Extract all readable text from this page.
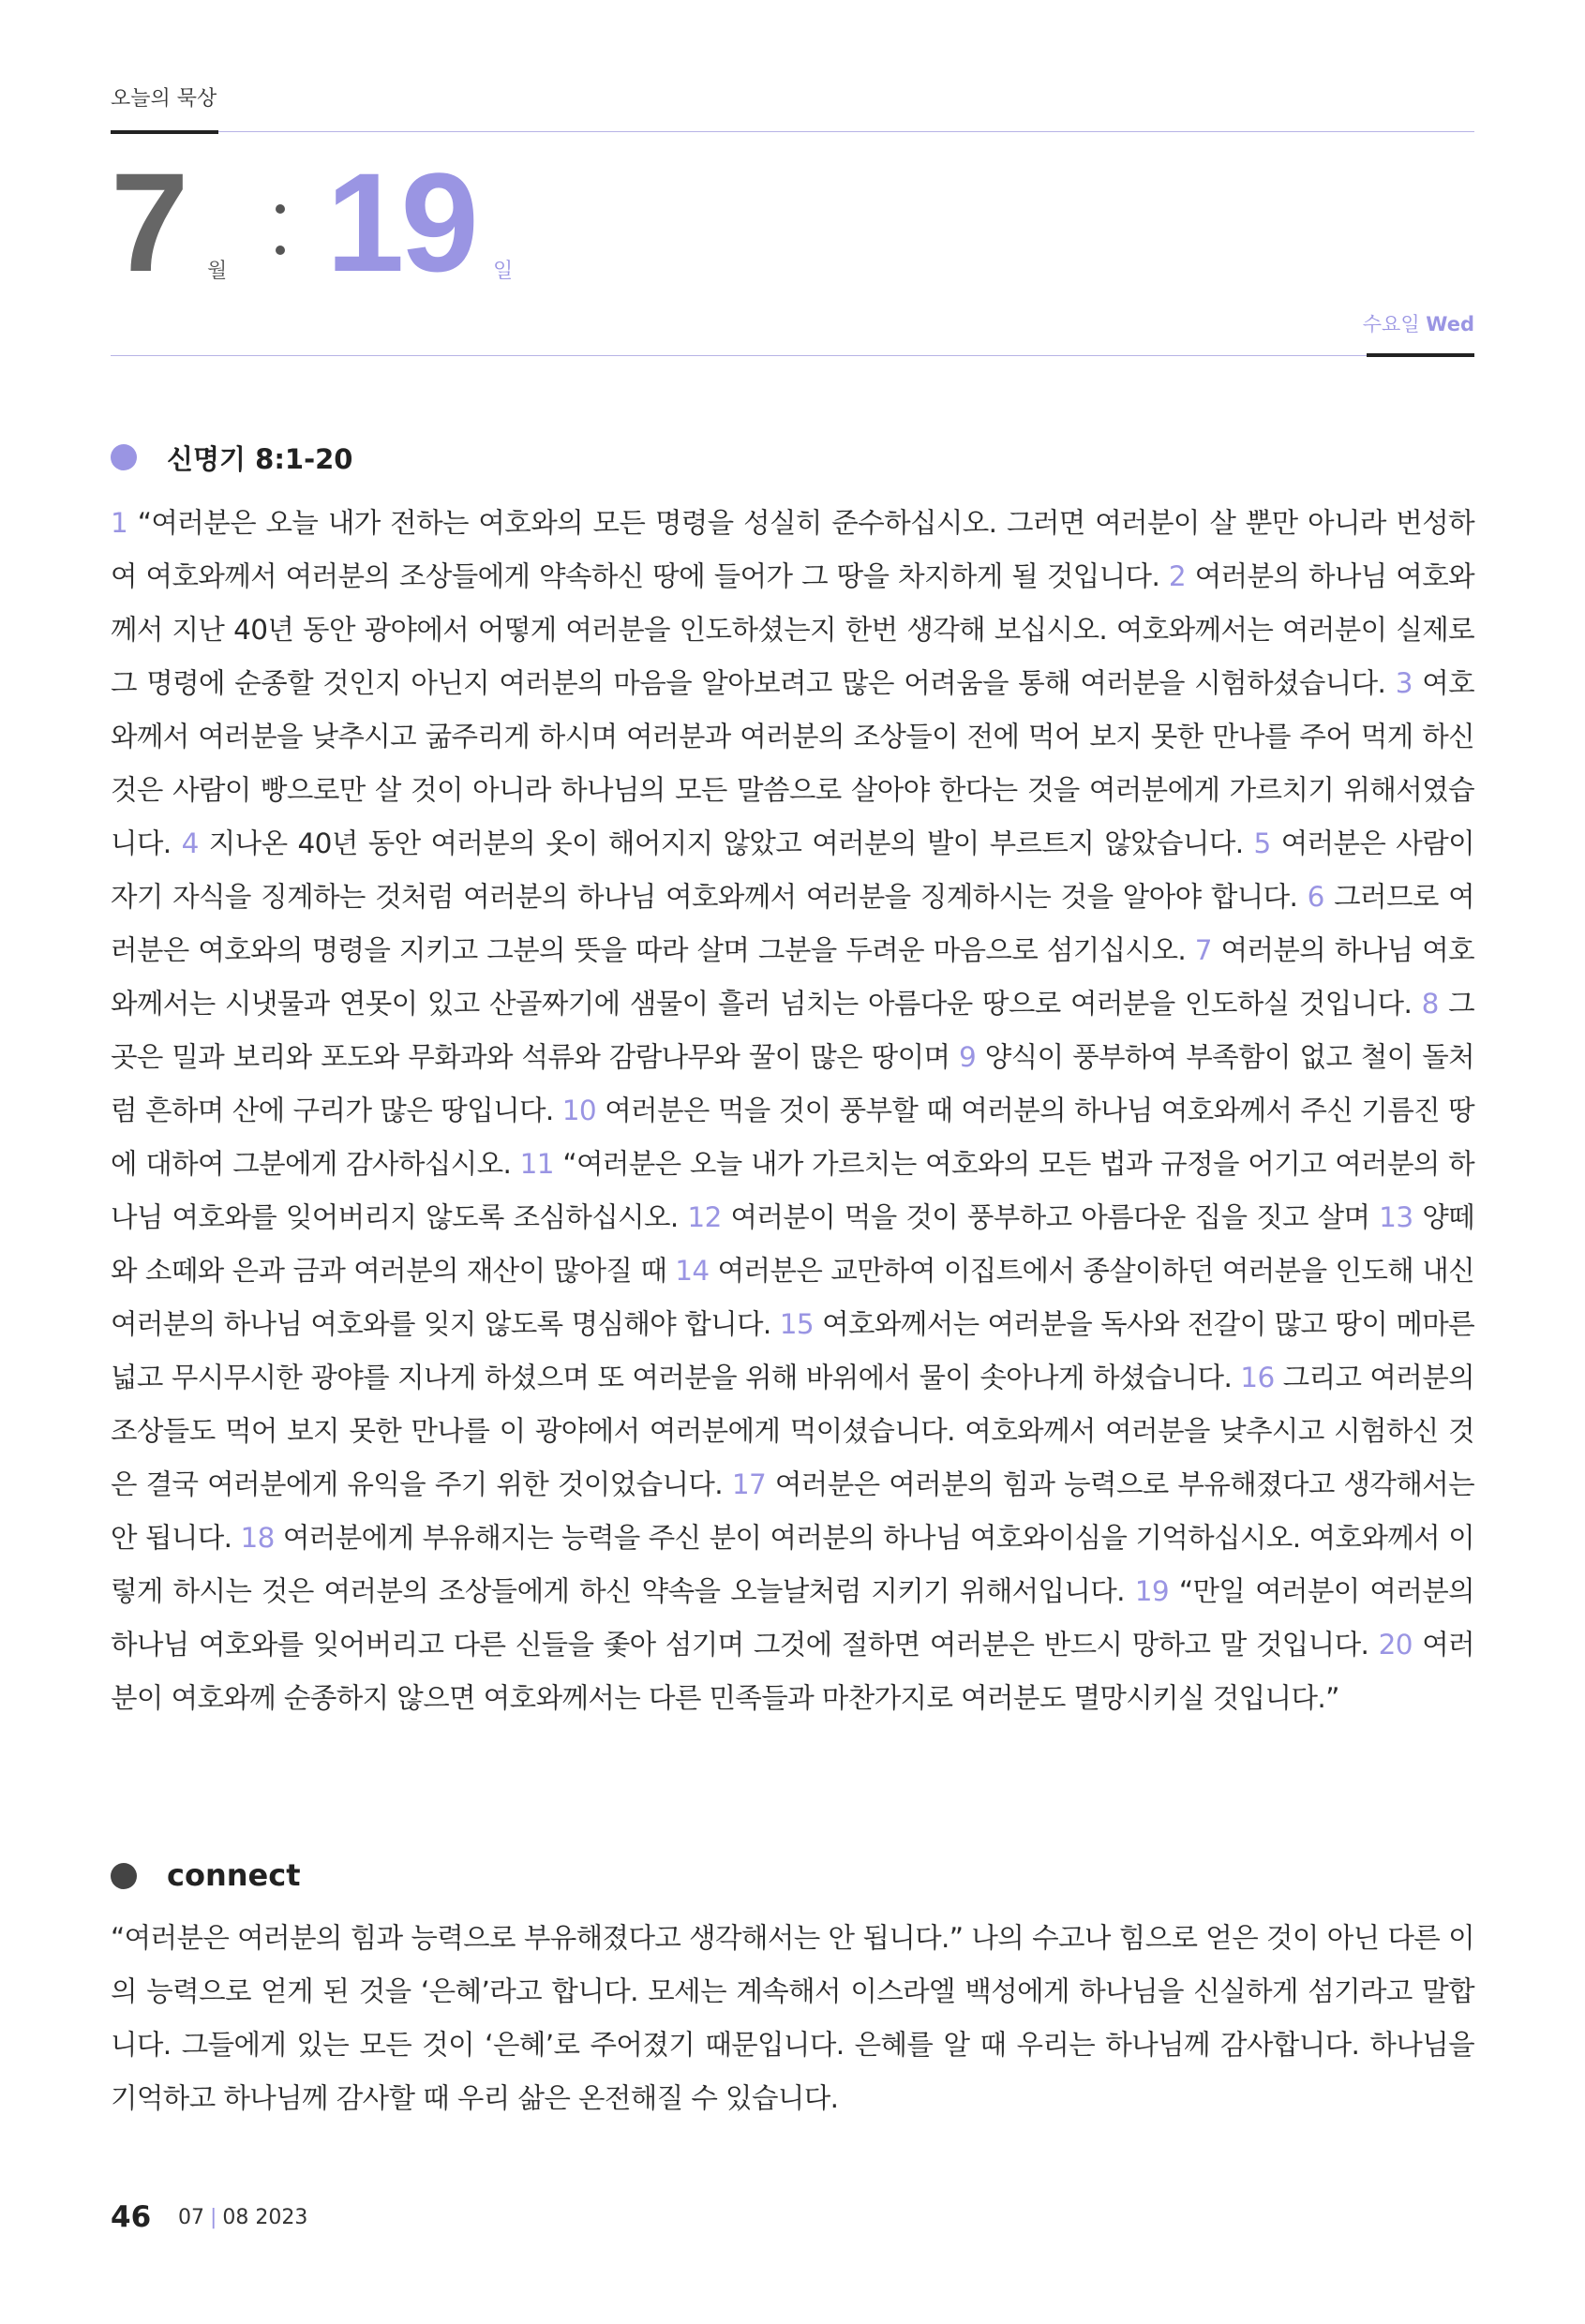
오늘의 묵상
7 월 19 일
수요일 Wed
신명기 8:1-20
1 “여러분은 오늘 내가 전하는 여호와의 모든 명령을 성실히 준수하십시오. 그러면 여러분이 살 뿐만 아니라 번성하여 여호와께서 여러분의 조상들에게 약속하신 땅에 들어가 그 땅을 차지하게 될 것입니다. 2 여러분의 하나님 여호와께서 지난 40년 동안 광야에서 어떻게 여러분을 인도하셨는지 한번 생각해 보십시오. 여호와께서는 여러분이 실제로 그 명령에 순종할 것인지 아닌지 여러분의 마음을 알아보려고 많은 어려움을 통해 여러분을 시험하셨습니다. 3 여호와께서 여러분을 낮추시고 굶주리게 하시며 여러분과 여러분의 조상들이 전에 먹어 보지 못한 만나를 주어 먹게 하신 것은 사람이 빵으로만 살 것이 아니라 하나님의 모든 말씀으로 살아야 한다는 것을 여러분에게 가르치기 위해서였습니다. 4 지나온 40년 동안 여러분의 옷이 해어지지 않았고 여러분의 발이 부르트지 않았습니다. 5 여러분은 사람이 자기 자식을 징계하는 것처럼 여러분의 하나님 여호와께서 여러분을 징계하시는 것을 알아야 합니다. 6 그러므로 여러분은 여호와의 명령을 지키고 그분의 뜻을 따라 살며 그분을 두려운 마음으로 섬기십시오. 7 여러분의 하나님 여호와께서는 시냇물과 연못이 있고 산골짜기에 샘물이 흘러 넘치는 아름다운 땅으로 여러분을 인도하실 것입니다. 8 그 곳은 밀과 보리와 포도와 무화과와 석류와 감람나무와 꿀이 많은 땅이며 9 양식이 풍부하여 부족함이 없고 철이 돌처럼 흔하며 산에 구리가 많은 땅입니다. 10 여러분은 먹을 것이 풍부할 때 여러분의 하나님 여호와께서 주신 기름진 땅에 대하여 그분에게 감사하십시오. 11 “여러분은 오늘 내가 가르치는 여호와의 모든 법과 규정을 어기고 여러분의 하나님 여호와를 잊어버리지 않도록 조심하십시오. 12 여러분이 먹을 것이 풍부하고 아름다운 집을 짓고 살며 13 양떼와 소떼와 은과 금과 여러분의 재산이 많아질 때 14 여러분은 교만하여 이집트에서 종살이하던 여러분을 인도해 내신 여러분의 하나님 여호와를 잊지 않도록 명심해야 합니다. 15 여호와께서는 여러분을 독사와 전갈이 많고 땅이 메마른 넓고 무시무시한 광야를 지나게 하셨으며 또 여러분을 위해 바위에서 물이 솟아나게 하셨습니다. 16 그리고 여러분의 조상들도 먹어 보지 못한 만나를 이 광야에서 여러분에게 먹이셨습니다. 여호와께서 여러분을 낮추시고 시험하신 것은 결국 여러분에게 유익을 주기 위한 것이었습니다. 17 여러분은 여러분의 힘과 능력으로 부유해졌다고 생각해서는 안 됩니다. 18 여러분에게 부유해지는 능력을 주신 분이 여러분의 하나님 여호와이심을 기억하십시오. 여호와께서 이렇게 하시는 것은 여러분의 조상들에게 하신 약속을 오늘날처럼 지키기 위해서입니다. 19 “만일 여러분이 여러분의 하나님 여호와를 잊어버리고 다른 신들을 좇아 섬기며 그것에 절하면 여러분은 반드시 망하고 말 것입니다. 20 여러분이 여호와께 순종하지 않으면 여호와께서는 다른 민족들과 마찬가지로 여러분도 멸망시키실 것입니다.”
connect
“여러분은 여러분의 힘과 능력으로 부유해졌다고 생각해서는 안 됩니다.” 나의 수고나 힘으로 얻은 것이 아닌 다른 이의 능력으로 얻게 된 것을 ‘은혜’라고 합니다. 모세는 계속해서 이스라엘 백성에게 하나님을 신실하게 섬기라고 말합니다. 그들에게 있는 모든 것이 ‘은혜’로 주어졌기 때문입니다. 은혜를 알 때 우리는 하나님께 감사합니다. 하나님을 기억하고 하나님께 감사할 때 우리 삶은 온전해질 수 있습니다.
46 07 | 08 2023
